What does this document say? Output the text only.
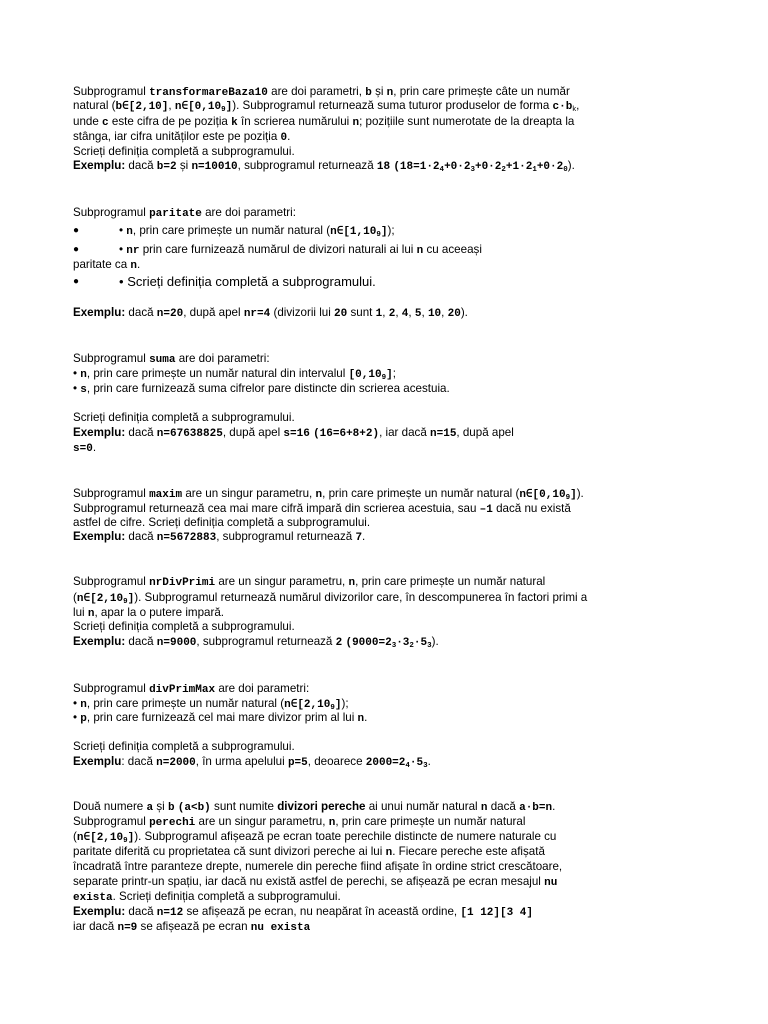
Subprogramul transformareBaza10 are doi parametri, b și n, prin care primește câte un număr
natural (b∈[2,10], $n\in[0,10_9]$). Subprogramul returnează suma tuturor produselor de forma $c\cdot b_k$,
unde c este cifra de pe poziția k în scrierea numărului n; pozițiile sunt numerotate de la dreapta la
stânga, iar cifra unităților este pe poziția 0.
Scrieți definiția completă a subprogramului.
Exemplu: dacă b=2 și n=10010, subprogramul returnează 18 $(18=1\cdot 2_4+0\cdot 2_3+0\cdot 2_2+1\cdot 2_1+0\cdot 2_0)$.
Subprogramul paritate are doi parametri:
●	• n, prin care primește un număr natural $(n\in[1,10_9])$;
●	• nr prin care furnizează numărul de divizori naturali ai lui n cu aceeași
paritate ca n.
●	• Scrieți definiția completă a subprogramului.
Exemplu: dacă n=20, după apel nr=4 (divizorii lui 20 sunt 1, 2, 4, 5, 10, 20).
Subprogramul suma are doi parametri:
• n, prin care primește un număr natural din intervalul $[0,10_9]$;
• s, prin care furnizează suma cifrelor pare distincte din scrierea acestuia.
Scrieți definiția completă a subprogramului.
Exemplu: dacă n=67638825, după apel s=16 (16=6+8+2), iar dacă n=15, după apel
s=0.
Subprogramul maxim are un singur parametru, n, prin care primește un număr natural $(n\in[0,10_9])$.
Subprogramul returnează cea mai mare cifră impară din scrierea acestuia, sau –1 dacă nu există
astfel de cifre. Scrieți definiția completă a subprogramului.
Exemplu: dacă n=5672883, subprogramul returnează 7.
Subprogramul nrDivPrimi are un singur parametru, n, prin care primește un număr natural
$(n\in[2,10_9])$. Subprogramul returnează numărul divizorilor care, în descompunerea în factori primi a
lui n, apar la o putere impară.
Scrieți definiția completă a subprogramului.
Exemplu: dacă n=9000, subprogramul returnează 2 $(9000=2_3\cdot 3_2\cdot 5_3)$.
Subprogramul divPrimMax are doi parametri:
• n, prin care primește un număr natural $(n\in[2,10_9])$;
• p, prin care furnizează cel mai mare divizor prim al lui n.
Scrieți definiția completă a subprogramului.
Exemplu: dacă n=2000, în urma apelului p=5, deoarece $2000=2_4\cdot 5_3$.
Două numere a și b (a<b) sunt numite divizori pereche ai unui număr natural n dacă a·b=n.
Subprogramul perechi are un singur parametru, n, prin care primește un număr natural
$(n\in[2,10_9])$. Subprogramul afișează pe ecran toate perechile distincte de numere naturale cu
paritate diferită cu proprietatea că sunt divizori pereche ai lui n. Fiecare pereche este afișată
încadrată între paranteze drepte, numerele din pereche fiind afișate în ordine strict crescătoare,
separate printr-un spațiu, iar dacă nu există astfel de perechi, se afișează pe ecran mesajul nu
exista. Scrieți definiția completă a subprogramului.
Exemplu: dacă n=12 se afișează pe ecran, nu neapărat în această ordine, [1 12][3 4]
iar dacă n=9 se afișează pe ecran nu exista
